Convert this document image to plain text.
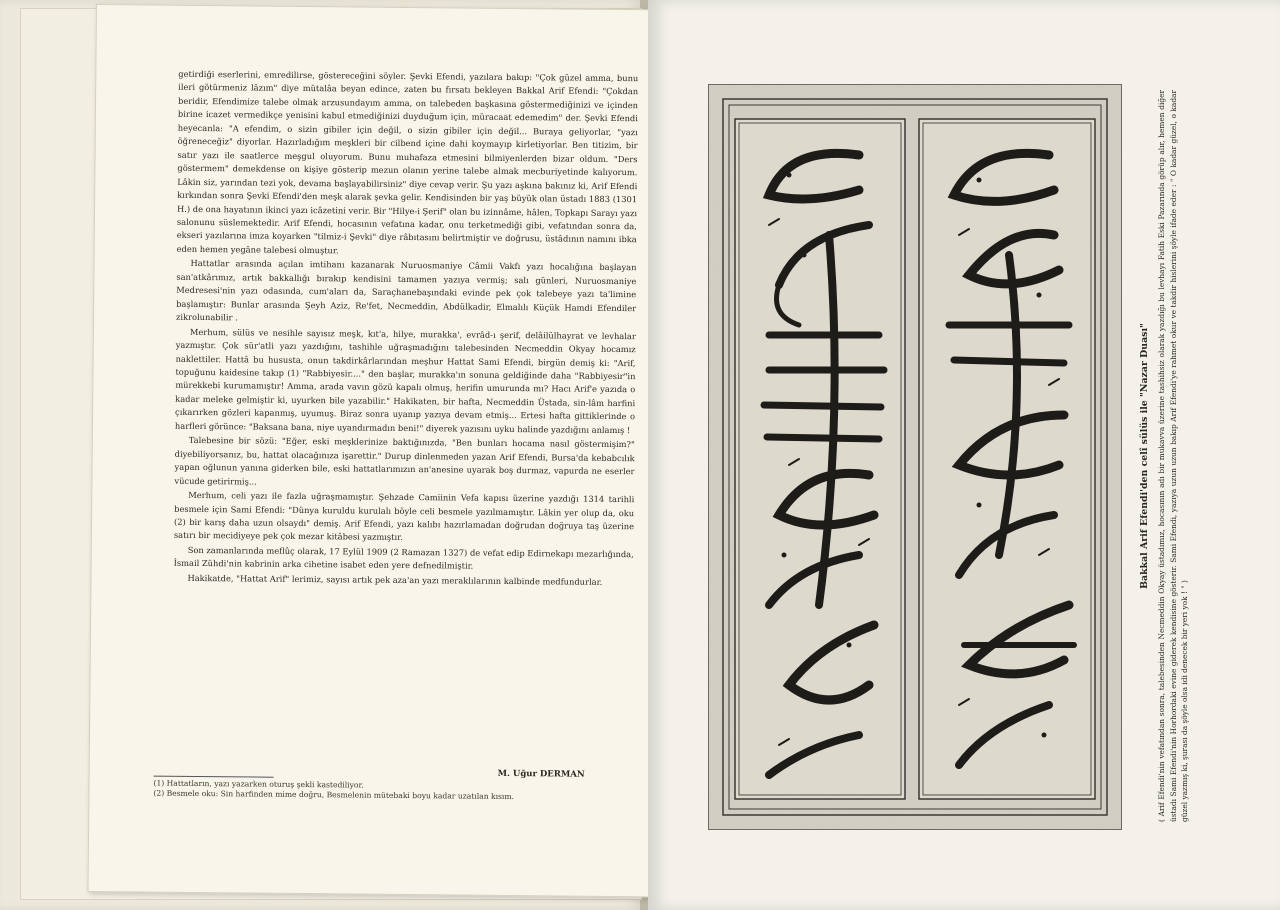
getirdiği eserlerini, emredilirse, göstereceğini söyler. Şevki Efendi, yazılara bakıp: "Çok güzel amma, bunu ileri götürmeniz lâzım" diye mütalâa beyan edince, zaten bu fırsatı bekleyen Bakkal Arif Efendi: "Çokdan beridir, Efendimize talebe olmak arzusundayım amma, on talebeden başkasına göstermediğinizi ve içinden birine icazet vermedikçe yenisini kabul etmediğinizi duyduğum için, müracaat edemedim" der. Şevki Efendi heyecanla: "A efendim, o sizin gibiler için değil, o sizin gibiler için değil... Buraya geliyorlar, "yazı öğreneceğiz" diyorlar. Hazırladığım meşkleri bir cilbend içine dahi koymayıp kirletiyorlar. Ben titizim, bir satır yazı ile saatlerce meşgul oluyorum. Bunu muhafaza etmesini bilmiyenlerden bizar oldum. "Ders göstermem" demekdense on kişiye gösterip mezun olanın yerine talebe almak mecburiyetinde kalıyorum. Lâkin siz, yarından tezi yok, devama başlayabilirsiniz" diye cevap verir. Şu yazı aşkına bakınız ki, Arif Efendi kırkından sonra Şevki Efendi'den meşk alarak şevka gelir. Kendisinden bir yaş büyük olan üstadı 1883 (1301 H.) de ona hayatının ikinci yazı icâzetini verir. Bir "Hilye-i Şerif" olan bu izinnâme, hâlen, Topkapı Sarayı yazı salonunu süslemektedir. Arif Efendi, hocasının vefatına kadar, onu terketmediği gibi, vefatından sonra da, ekseri yazılarına imza koyarken "tilmiz-i Şevki" diye râbıtasını belirtmiştir ve doğrusu, üstâdının namını ibka eden hemen yegâne talebesi olmuştur.

Hattatlar arasında açılan imtihanı kazanarak Nuruosmaniye Câmii Vakfı yazı hocalığına başlayan san'atkârımız, artık bakkallığı bırakıp kendisini tamamen yazıya vermiş; salı günleri, Nuruosmaniye Medresesi'nin yazı odasında, cum'aları da, Saraçhanebaşındaki evinde pek çok talebeye yazı ta'limine başlamıştır: Bunlar arasında Şeyh Aziz, Re'fet, Necmeddin, Abdülkadir, Elmalılı Küçük Hamdi Efendiler zikrolunabilir .

Merhum, sülüs ve nesihle sayısız meşk, kıt'a, hilye, murakka', evrâd-ı şerif, delâilülhayrat ve levhalar yazmıştır. Çok sür'atli yazı yazdığını, tashihle uğraşmadığını talebesinden Necmeddin Okyay hocamız naklettiler. Hattâ bu hususta, onun takdirkârlarından meşhur Hattat Sami Efendi, birgün demiş ki: "Arif, topuğunu kaidesine takıp (1) "Rabbiyesir...." den başlar, murakka'ın sonuna geldiğinde daha "Rabbiyesir"in mürekkebi kurumamıştır! Amma, arada vavın gözü kapalı olmuş, herifin umurunda mı? Hacı Arif'e yazıda o kadar meleke gelmiştir ki, uyurken bile yazabilir." Hakikaten, bir hafta, Necmeddin Üstada, sin-lâm harfini çıkarırken gözleri kapanmış, uyumuş. Biraz sonra uyanıp yazıya devam etmiş... Ertesi hafta gittiklerinde o harfleri görünce: "Baksana bana, niye uyandırmadın beni!" diyerek yazısını uyku halinde yazdığını anlamış !

Talebesine bir sözü: "Eğer, eski meşklerinize baktığınızda, "Ben bunları hocama nasıl göstermişim?" diyebiliyorsanız, bu, hattat olacağınıza işarettir." Durup dinlenmeden yazan Arif Efendi, Bursa'da kebabcılık yapan oğlunun yanına giderken bile, eski hattatlarımızın an'anesine uyarak boş durmaz, vapurda ne eserler vücude getirirmiş...

Merhum, celi yazı ile fazla uğraşmamıştır. Şehzade Camiinin Vefa kapısı üzerine yazdığı 1314 tarihli besmele için Sami Efendi: "Dünya kuruldu kurulalı böyle celi besmele yazılmamıştır. Lâkin yer olup da, oku (2) bir karış daha uzun olsaydı" demiş. Arif Efendi, yazı kalıbı hazırlamadan doğrudan doğruya taş üzerine satırı bir mecidiyeye pek çok mezar kitâbesi yazmıştır.

Son zamanlarında meflûç olarak, 17 Eylül 1909 (2 Ramazan 1327) de vefat edip Edirnekapı mezarlığında, İsmail Zühdi'nin kabrinin arka cihetine isabet eden yere defnedilmiştir.

Hakikatde, "Hattat Arif" lerimiz, sayısı artık pek aza'an yazı meraklılarının kalbinde medfundurlar.

M. Uğur DERMAN
(1) Hattatların, yazı yazarken oturuş şekli kastediliyor.
(2) Besmele oku: Sin harfinden mime doğru, Besmelenin mütebaki boyu kadar uzatılan kısım.
Bakkal Arif Efendi'den celî sülüs ile "Nazar Duası" ( Arif Efendi'nin vefatından sonra, talebesinden Necmeddin Okyay üstadımız, hocasının adı bir mukavva üzerine tashihsiz olarak yazdığı bu levhayı Fatih Eski Pazarında görüp alır, hemen diğer üstadı Sami Efendi'nin Horhordaki evine giderek kendisine gösterir. Sami Efendi, yazıya uzun uzun bakıp Arif Efendi'ye rahmet okur ve takdir hislerini şöyle ifade eder : " O kadar güzel, o kadar güzel yazmış ki, şurası da şöyle olsa idi denecek bir yeri yok ! " )
